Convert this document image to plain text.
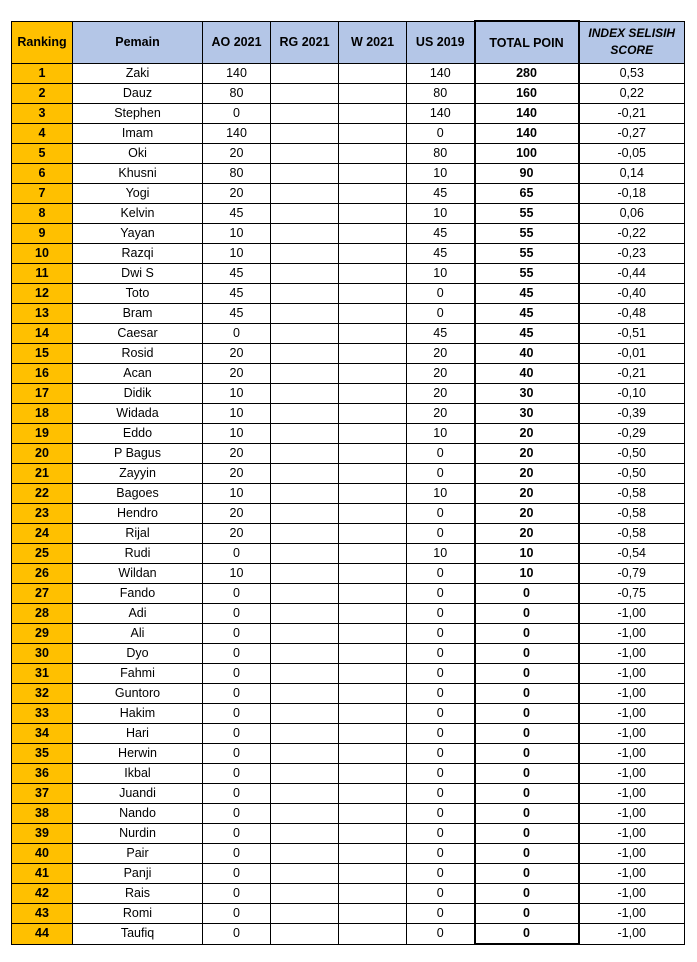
Ranking	Pemain	AO 2021	RG 2021	W 2021	US 2019	TOTAL POIN	INDEX SELISIH
SCORE
1	Zaki	140			140	280	0,53
2	Dauz	80			80	160	0,22
3	Stephen	0			140	140	-0,21
4	Imam	140			0	140	-0,27
5	Oki	20			80	100	-0,05
6	Khusni	80			10	90	0,14
7	Yogi	20			45	65	-0,18
8	Kelvin	45			10	55	0,06
9	Yayan	10			45	55	-0,22
10	Razqi	10			45	55	-0,23
11	Dwi S	45			10	55	-0,44
12	Toto	45			0	45	-0,40
13	Bram	45			0	45	-0,48
14	Caesar	0			45	45	-0,51
15	Rosid	20			20	40	-0,01
16	Acan	20			20	40	-0,21
17	Didik	10			20	30	-0,10
18	Widada	10			20	30	-0,39
19	Eddo	10			10	20	-0,29
20	P Bagus	20			0	20	-0,50
21	Zayyin	20			0	20	-0,50
22	Bagoes	10			10	20	-0,58
23	Hendro	20			0	20	-0,58
24	Rijal	20			0	20	-0,58
25	Rudi	0			10	10	-0,54
26	Wildan	10			0	10	-0,79
27	Fando	0			0	0	-0,75
28	Adi	0			0	0	-1,00
29	Ali	0			0	0	-1,00
30	Dyo	0			0	0	-1,00
31	Fahmi	0			0	0	-1,00
32	Guntoro	0			0	0	-1,00
33	Hakim	0			0	0	-1,00
34	Hari	0			0	0	-1,00
35	Herwin	0			0	0	-1,00
36	Ikbal	0			0	0	-1,00
37	Juandi	0			0	0	-1,00
38	Nando	0			0	0	-1,00
39	Nurdin	0			0	0	-1,00
40	Pair	0			0	0	-1,00
41	Panji	0			0	0	-1,00
42	Rais	0			0	0	-1,00
43	Romi	0			0	0	-1,00
44	Taufiq	0			0	0	-1,00
